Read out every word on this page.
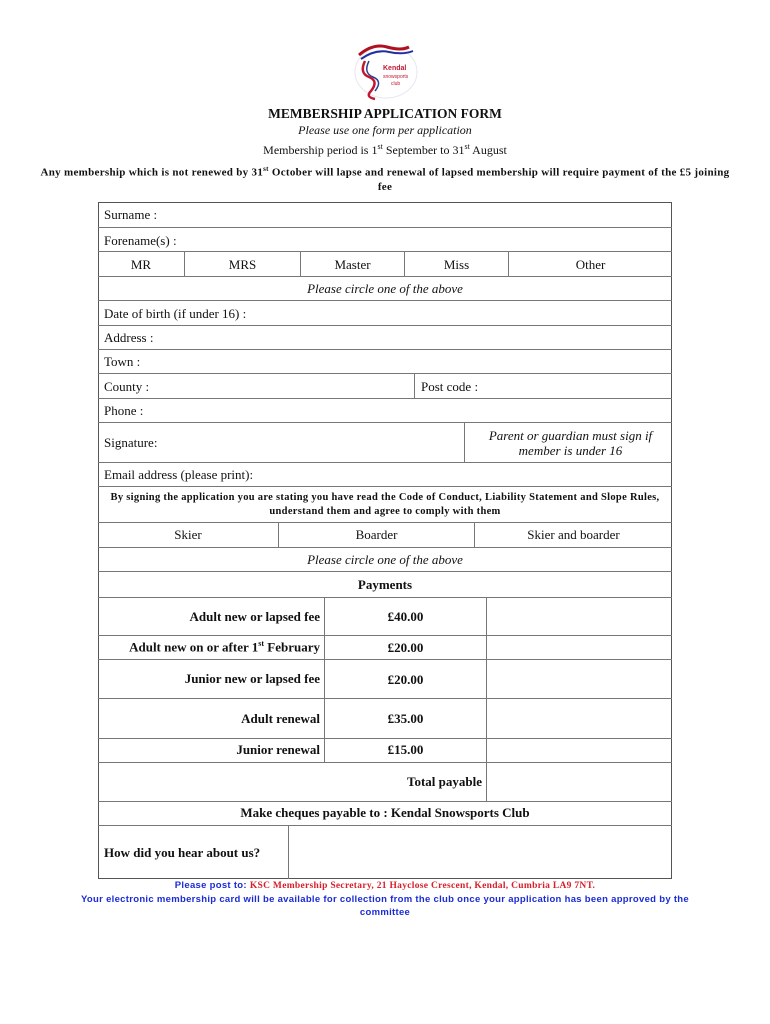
Kendal
snowsports
club
MEMBERSHIP APPLICATION FORM
Please use one form per application
Membership period is 1st September to 31st August
Any membership which is not renewed by 31st October will lapse and renewal of lapsed membership will require payment of the £5 joining fee
Surname :
Forename(s) :
MR	MRS	Master	Miss	Other
Please circle one of the above
Date of birth (if under 16) :
Address :
Town :
County :	Post code :
Phone :
Signature:	Parent or guardian must sign if member is under 16
Email address (please print):
By signing the application you are stating you have read the Code of Conduct, Liability Statement and Slope Rules, understand them and agree to comply with them
Skier	Boarder	Skier and boarder
Please circle one of the above
Payments
Adult new or lapsed fee	£40.00
Adult new on or after 1st February	£20.00
Junior new or lapsed fee	£20.00
Adult renewal	£35.00
Junior renewal	£15.00
Total payable
Make cheques payable to : Kendal Snowsports Club
How did you hear about us?
Please post to: KSC Membership Secretary, 21 Hayclose Crescent, Kendal, Cumbria LA9 7NT.
Your electronic membership card will be available for collection from the club once your application has been approved by the committee
